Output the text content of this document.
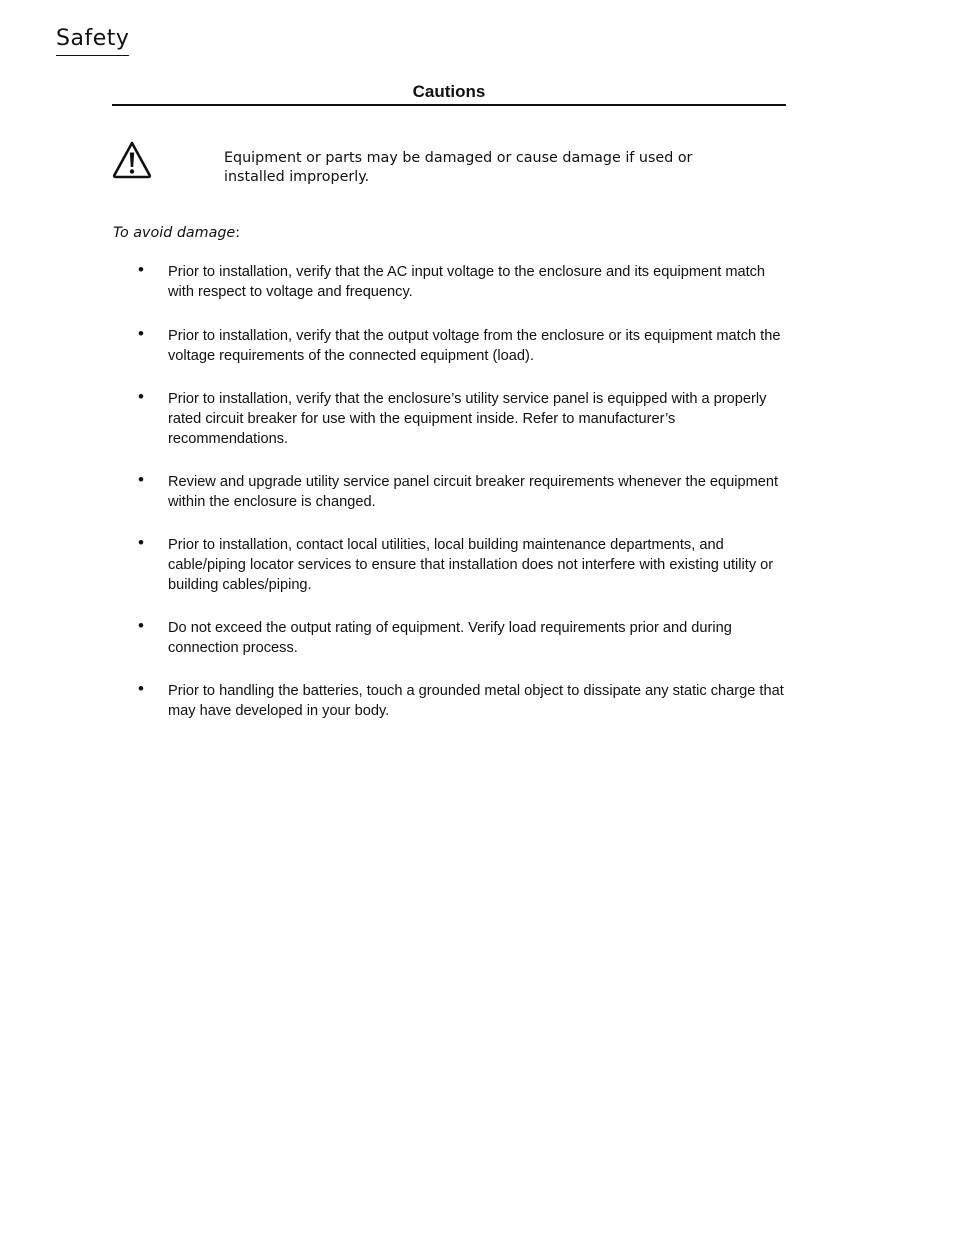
Safety
Cautions
Equipment or parts may be damaged or cause damage if used or installed improperly.
To avoid damage:
• Prior to installation, verify that the AC input voltage to the enclosure and its equipment match with respect to voltage and frequency.
• Prior to installation, verify that the output voltage from the enclosure or its equipment match the voltage requirements of the connected equipment (load).
• Prior to installation, verify that the enclosure’s utility service panel is equipped with a properly rated circuit breaker for use with the equipment inside. Refer to manufacturer’s recommendations.
• Review and upgrade utility service panel circuit breaker requirements whenever the equipment within the enclosure is changed.
• Prior to installation, contact local utilities, local building maintenance departments, and cable/piping locator services to ensure that installation does not interfere with existing utility or building cables/piping.
• Do not exceed the output rating of equipment. Verify load requirements prior and during connection process.
• Prior to handling the batteries, touch a grounded metal object to dissipate any static charge that may have developed in your body.
